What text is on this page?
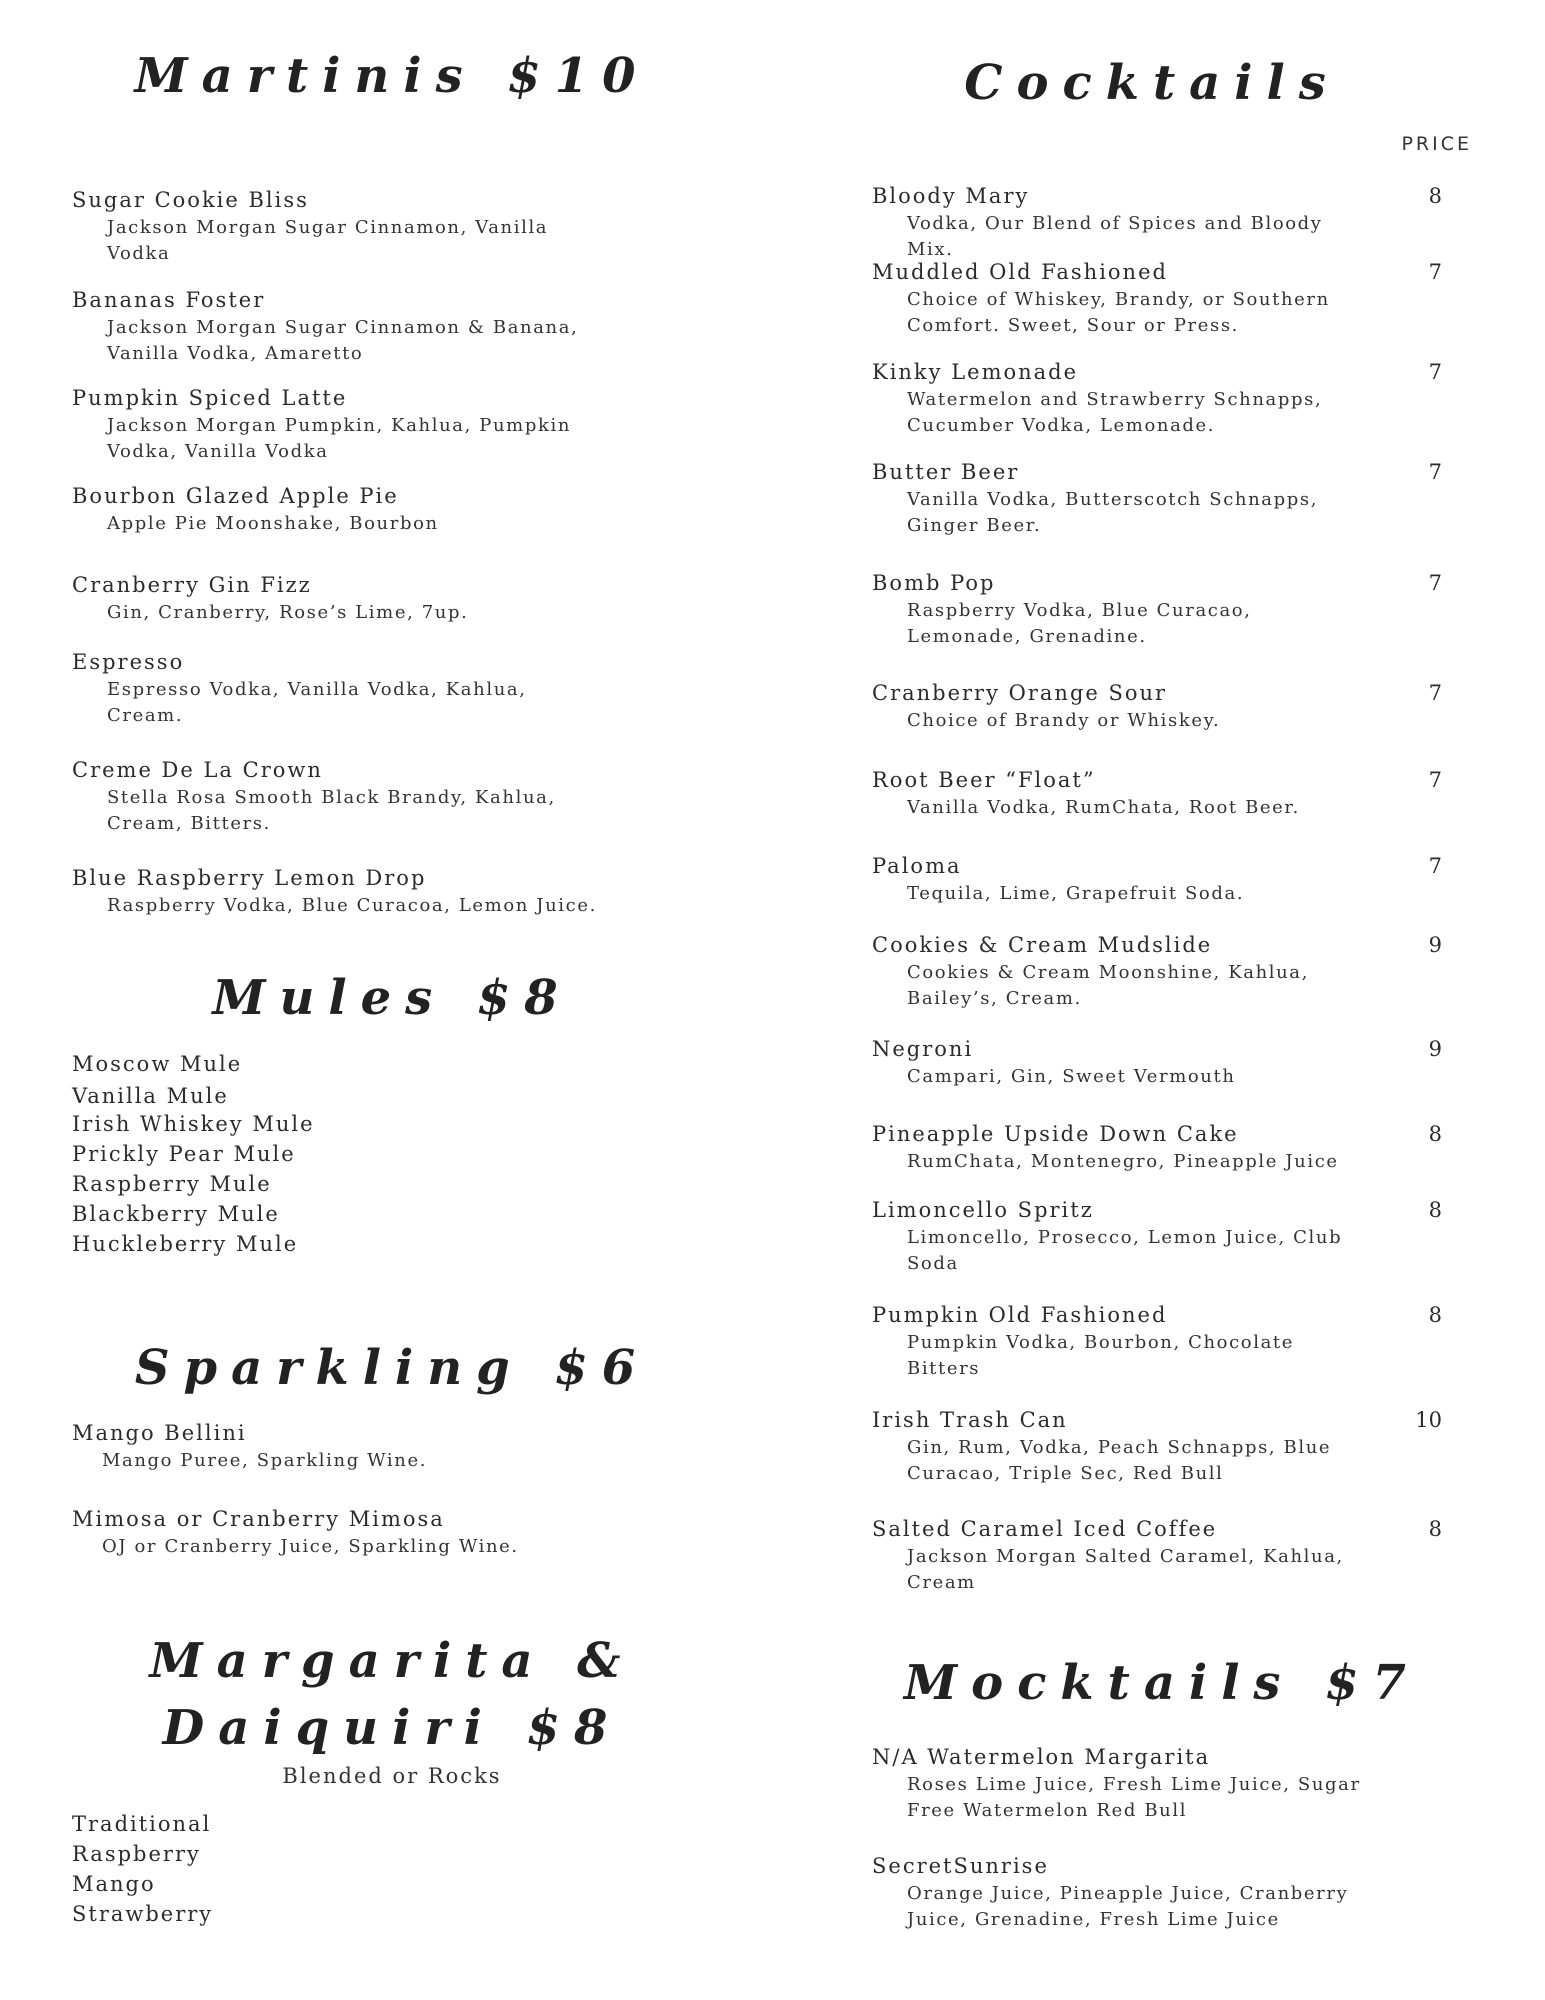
Martinis $10
Sugar Cookie Bliss
Jackson Morgan Sugar Cinnamon, Vanilla Vodka
Bananas Foster
Jackson Morgan Sugar Cinnamon & Banana, Vanilla Vodka, Amaretto
Pumpkin Spiced Latte
Jackson Morgan Pumpkin, Kahlua, Pumpkin Vodka, Vanilla Vodka
Bourbon Glazed Apple Pie
Apple Pie Moonshake, Bourbon
Cranberry Gin Fizz
Gin, Cranberry, Rose’s Lime, 7up.
Espresso
Espresso Vodka, Vanilla Vodka, Kahlua, Cream.
Creme De La Crown
Stella Rosa Smooth Black Brandy, Kahlua, Cream, Bitters.
Blue Raspberry Lemon Drop
Raspberry Vodka, Blue Curacoa, Lemon Juice.
Mules $8
Moscow Mule
Vanilla Mule
Irish Whiskey Mule
Prickly Pear Mule
Raspberry Mule
Blackberry Mule
Huckleberry Mule
Sparkling $6
Mango Bellini
Mango Puree, Sparkling Wine.
Mimosa or Cranberry Mimosa
OJ or Cranberry Juice, Sparkling Wine.
Margarita &
Daiquiri $8
Blended or Rocks
Traditional
Raspberry
Mango
Strawberry
Cocktails
PRICE
Bloody Mary	8
Vodka, Our Blend of Spices and Bloody Mix.
Muddled Old Fashioned	7
Choice of Whiskey, Brandy, or Southern Comfort. Sweet, Sour or Press.
Kinky Lemonade	7
Watermelon and Strawberry Schnapps, Cucumber Vodka, Lemonade.
Butter Beer	7
Vanilla Vodka, Butterscotch Schnapps, Ginger Beer.
Bomb Pop	7
Raspberry Vodka, Blue Curacao, Lemonade, Grenadine.
Cranberry Orange Sour	7
Choice of Brandy or Whiskey.
Root Beer “Float”	7
Vanilla Vodka, RumChata, Root Beer.
Paloma	7
Tequila, Lime, Grapefruit Soda.
Cookies & Cream Mudslide	9
Cookies & Cream Moonshine, Kahlua, Bailey’s, Cream.
Negroni	9
Campari, Gin, Sweet Vermouth
Pineapple Upside Down Cake	8
RumChata, Montenegro, Pineapple Juice
Limoncello Spritz	8
Limoncello, Prosecco, Lemon Juice, Club Soda
Pumpkin Old Fashioned	8
Pumpkin Vodka, Bourbon, Chocolate Bitters
Irish Trash Can	10
Gin, Rum, Vodka, Peach Schnapps, Blue Curacao, Triple Sec, Red Bull
Salted Caramel Iced Coffee	8
Jackson Morgan Salted Caramel, Kahlua, Cream
Mocktails $7
N/A Watermelon Margarita
Roses Lime Juice, Fresh Lime Juice, Sugar Free Watermelon Red Bull
SecretSunrise
Orange Juice, Pineapple Juice, Cranberry Juice, Grenadine, Fresh Lime Juice
